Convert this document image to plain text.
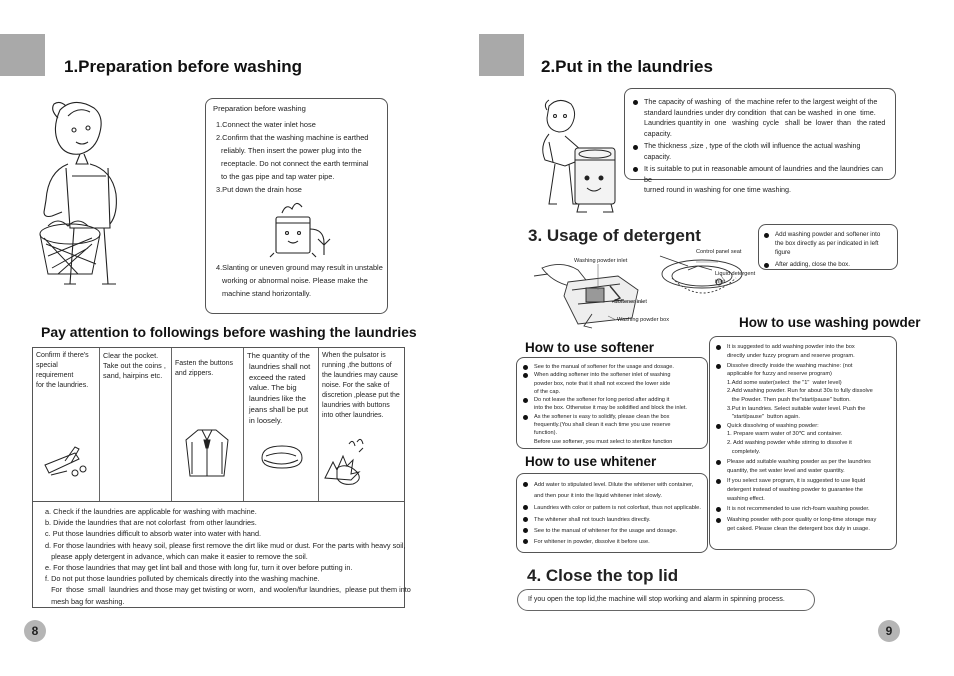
1.Preparation before washing
Preparation before washing
1.Connect the water inlet hose
2.Confirm that the washing machine is earthed
reliably. Then insert the power plug into the
receptacle. Do not connect the earth terminal
to the gas pipe and tap water pipe.
3.Put down the drain hose
4.Slanting or uneven ground may result in unstable
working or abnormal noise. Please make the
machine stand horizontally.
Pay attention to followings before washing the laundries
Confirm if there's
special requirement
for the laundries.
Clear the pocket.
Take out the coins ,
sand, hairpins etc.
Fasten the buttons
and zippers.
The quantity of the
laundries shall not
exceed the rated
value. The big
laundries like the
jeans shall be put
in loosely.
When the pulsator is
running ,the buttons of
the laundries may cause
noise. For the sake of
discretion ,please put the
laundries with buttons
into other laundries.
a. Check if the laundries are applicable for washing with machine.
b. Divide the laundries that are not colorfast  from other laundries.
c. Put those laundries difficult to absorb water into water with hand.
d. For those laundries with heavy soil, please first remove the dirt like mud or dust. For the parts with heavy soil,
please apply detergent in advance, which can make it easier to remove the soil.
e. For those laundries that may get lint ball and those with long fur, turn it over before putting in.
f. Do not put those laundries polluted by chemicals directly into the washing machine.
For  those  small  laundries and those may get twisting or worn,  and woolen/fur laundries,  please put them into
mesh bag for washing.
8
2.Put in the laundries
The capacity of washing  of  the machine refer to the largest weight of the
standard laundries under dry condition  that can be washed  in one  time.
Laundries quantity in  one   washing  cycle   shall  be  lower  than   the rated
capacity.
The thickness ,size , type of the cloth will influence the actual washing capacity.
It is suitable to put in reasonable amount of laundries and the laundries can be
turned round in washing for one time washing.
3. Usage of detergent	Add washing powder and softener into
the box directly as per indicated in left figure
After adding, close the box.
Washing powder inlet
Softener inlet
Washing powder box
Control panel seat
Liquid detergent
inlet
How to use washing powder
How to use softener
See to the manual of softener for the usage and dosage.
When adding softener into the softener inlet of washing
powder box, note that it shall not exceed the lower side
of the cap.
Do not leave the softener for long period after adding it
into the box. Otherwise it may be solidified and block the inlet.
As the softener is easy to solidify, please clean the box
frequently.(You shall clean it each time you use reserve
function).
Before use softener, you must select to sterilize function
How to use whitener
Add water to stipulated level. Dilute the whitener with container,
and then pour it into the liquid whitener inlet slowly.
Laundries with color or pattern is not colorfast, thus not applicable.
The whitener shall not touch laundries directly.
See to the manual of whitener for the usage and dosage.
For whitener in powder, dissolve it before use.
It is suggested to add washing powder into the box
directly under fuzzy program and reserve program.
Dissolve directly inside the washing machine: (not
applicable for fuzzy and reserve program)
1.Add some water(select  the "1"  water level)
2.Add washing powder. Run for about 30s to fully dissolve
the Powder. Then push the"start/pause" button.
3.Put in laundries. Select suitable water level. Push the
"start/pause"  button again.
Quick dissolving of washing powder:
1. Prepare warm water of 30℃ and container.
2. Add washing powder while stirring to dissolve it
completely.
Please add suitable washing powder as per the laundries
quantity, the set water level and water quantity.
If you select save program, it is suggested to use liquid
detergent instead of washing powder to guarantee the
washing effect.
It is not recommended to use rich-foam washing powder.
Washing powder with poor quality or long-time storage may
get caked. Please clean the detergent box duly in usage.
4. Close the top lid
If you open the top lid,the machine will stop working and alarm in spinning process.
9
